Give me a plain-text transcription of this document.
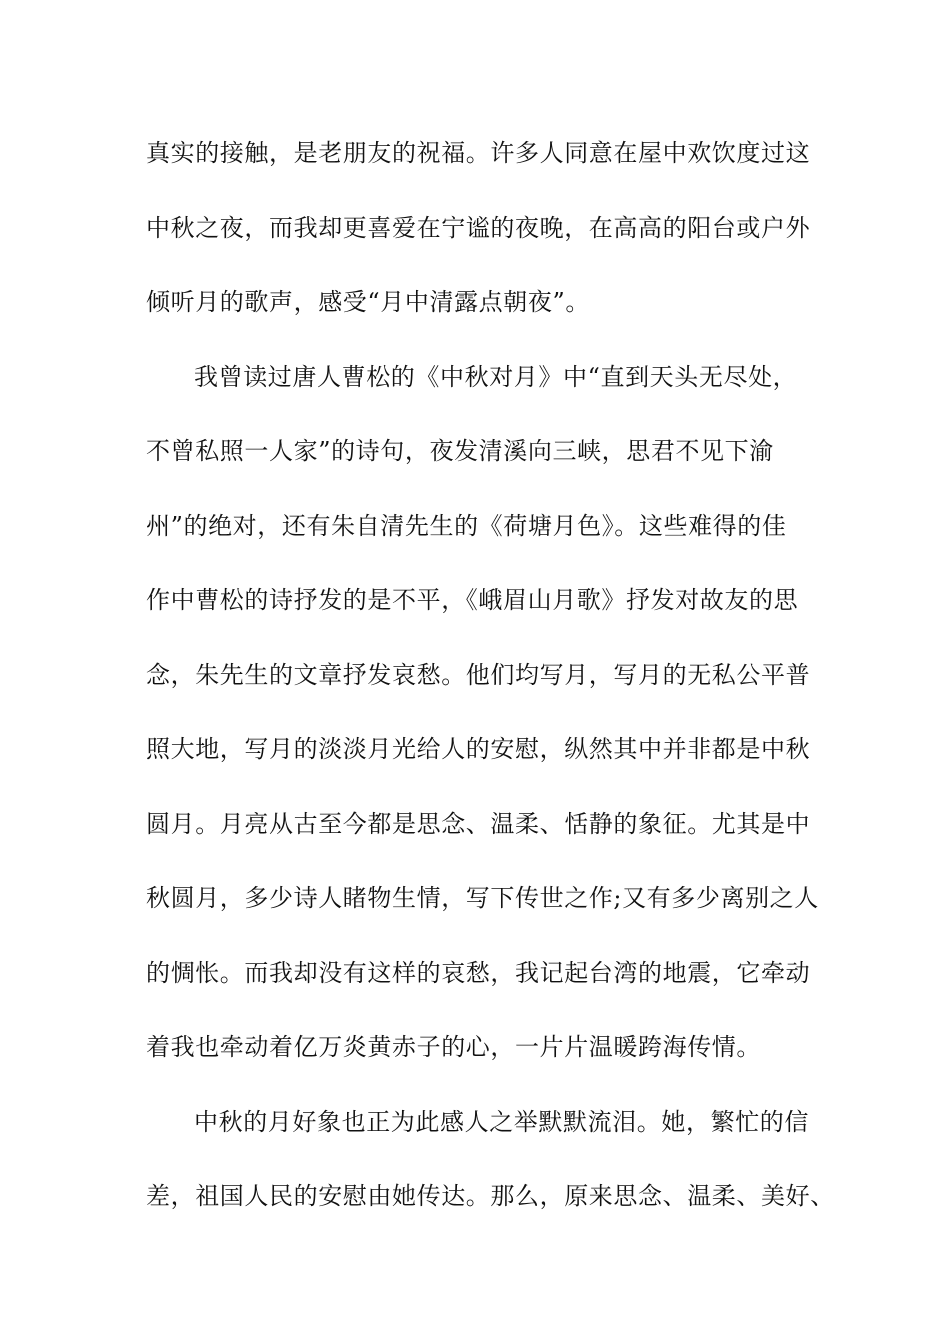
真实的接触，是老朋友的祝福。许多人同意在屋中欢饮度过这
中秋之夜，而我却更喜爱在宁谧的夜晚，在高高的阳台或户外
倾听月的歌声，感受“月中清露点朝夜”。
我曾读过唐人曹松的《中秋对月》中“直到天头无尽处，
不曾私照一人家”的诗句，夜发清溪向三峡，思君不见下渝
州”的绝对，还有朱自清先生的《荷塘月色》。这些难得的佳
作中曹松的诗抒发的是不平，《峨眉山月歌》抒发对故友的思
念，朱先生的文章抒发哀愁。他们均写月，写月的无私公平普
照大地，写月的淡淡月光给人的安慰，纵然其中并非都是中秋
圆月。月亮从古至今都是思念、温柔、恬静的象征。尤其是中
秋圆月，多少诗人睹物生情，写下传世之作;又有多少离别之人
的惆怅。而我却没有这样的哀愁，我记起台湾的地震，它牵动
着我也牵动着亿万炎黄赤子的心，一片片温暖跨海传情。
中秋的月好象也正为此感人之举默默流泪。她，繁忙的信
差，祖国人民的安慰由她传达。那么，原来思念、温柔、美好、
